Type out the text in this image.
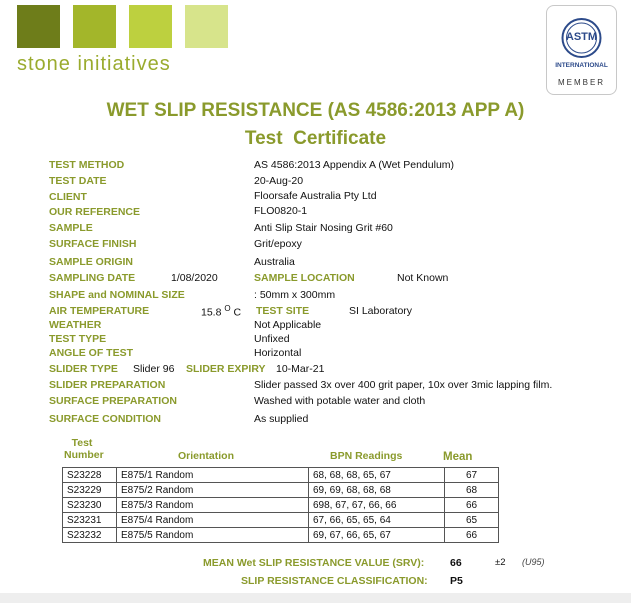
stone initiatives
ASTM
INTERNATIONAL
MEMBER
WET SLIP RESISTANCE (AS 4586:2013 APP A)
Test  Certificate
TEST METHOD	AS 4586:2013 Appendix A (Wet Pendulum)
TEST DATE	20-Aug-20
CLIENT	Floorsafe Australia Pty Ltd
OUR REFERENCE	FLO0820-1
SAMPLE	Anti Slip Stair Nosing Grit #60
SURFACE FINISH	Grit/epoxy
SAMPLE ORIGIN	Australia
SAMPLING DATE	1/08/2020	SAMPLE LOCATION	Not Known
SHAPE and NOMINAL SIZE	: 50mm x 300mm
AIR TEMPERATURE	15.8 $^O$ C TEST SITE	SI Laboratory
WEATHER	Not Applicable
TEST TYPE	Unfixed
ANGLE OF TEST	Horizontal
SLIDER TYPE Slider 96 SLIDER EXPIRY 10-Mar-21
SLIDER PREPARATION	Slider passed 3x over 400 grit paper, 10x over 3mic lapping film.
SURFACE PREPARATION	Washed with potable water and cloth
SURFACE CONDITION	As supplied
Test
Number	Orientation	BPN Readings	Mean
S23228	E875/1 Random	68, 68, 68, 65, 67	67
S23229	E875/2 Random	69, 69, 68, 68, 68	68
S23230	E875/3 Random	698, 67, 67, 66, 66	66
S23231	E875/4 Random	67, 66, 65, 65, 64	65
S23232	E875/5 Random	69, 67, 66, 65, 67	66
MEAN Wet SLIP RESISTANCE VALUE (SRV): 66	±2 (U95)
SLIP RESISTANCE CLASSIFICATION: P5
